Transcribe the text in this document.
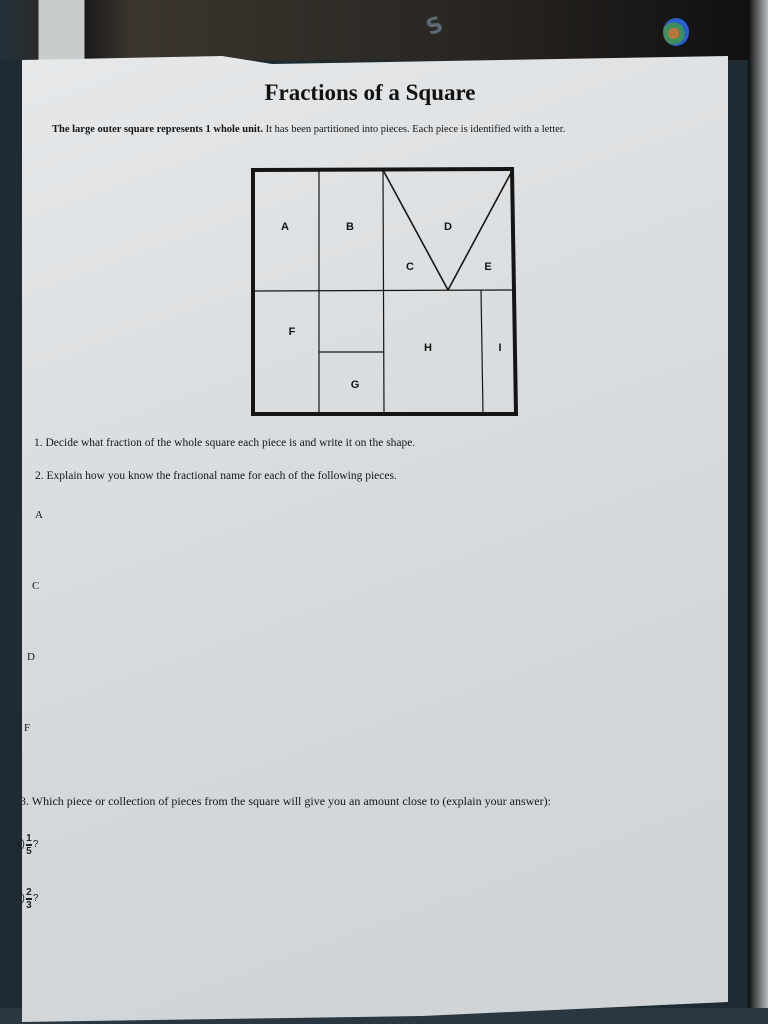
S
Fractions of a Square
The large outer square represents 1 whole unit. It has been partitioned into pieces. Each piece is identified with a letter.
A	B
C
D
E
F
G
H	I
1. Decide what fraction of the whole square each piece is and write it on the shape.
2. Explain how you know the fractional name for each of the following pieces.
A
C
D
F
3. Which piece or collection of pieces from the square will give you an amount close to (explain your answer):
a)
1
5
?
b)
2
3
?
